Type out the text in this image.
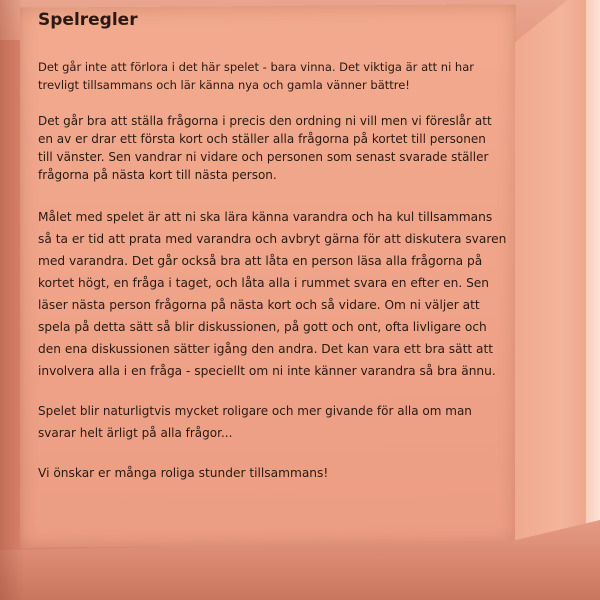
Spelregler

Det går inte att förlora i det här spelet - bara vinna. Det viktiga är att ni har
trevligt tillsammans och lär känna nya och gamla vänner bättre!

Det går bra att ställa frågorna i precis den ordning ni vill men vi föreslår att
en av er drar ett första kort och ställer alla frågorna på kortet till personen
till vänster. Sen vandrar ni vidare och personen som senast svarade ställer
frågorna på nästa kort till nästa person.

Målet med spelet är att ni ska lära känna varandra och ha kul tillsammans
så ta er tid att prata med varandra och avbryt gärna för att diskutera svaren
med varandra. Det går också bra att låta en person läsa alla frågorna på
kortet högt, en fråga i taget, och låta alla i rummet svara en efter en. Sen
läser nästa person frågorna på nästa kort och så vidare. Om ni väljer att
spela på detta sätt så blir diskussionen, på gott och ont, ofta livligare och
den ena diskussionen sätter igång den andra. Det kan vara ett bra sätt att
involvera alla i en fråga - speciellt om ni inte känner varandra så bra ännu.

Spelet blir naturligtvis mycket roligare och mer givande för alla om man
svarar helt ärligt på alla frågor...

Vi önskar er många roliga stunder tillsammans!
